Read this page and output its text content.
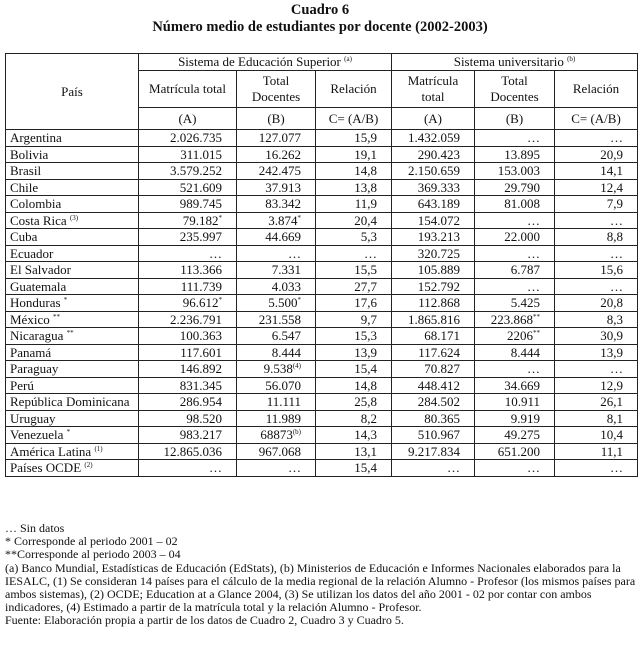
Cuadro 6
Número medio de estudiantes por docente (2002-2003)
País	Sistema de Educación Superior $^{(a)}$			Sistema universitario $^{(b)}$
	Matrícula total	Total Docentes	Relación	Matrícula total	Total Docentes	Relación
	(A)	(B)	C= (A/B)	(A)	(B)	C= (A/B)
Argentina	2.026.735	127.077	15,9	1.432.059	…	…
Bolivia	311.015	16.262	19,1	290.423	13.895	20,9
Brasil	3.579.252	242.475	14,8	2.150.659	153.003	14,1
Chile	521.609	37.913	13,8	369.333	29.790	12,4
Colombia	989.745	83.342	11,9	643.189	81.008	7,9
Costa Rica $^{(3)}$	79.182*	3.874*	20,4	154.072	…	…
Cuba	235.997	44.669	5,3	193.213	22.000	8,8
Ecuador	…	…	…	320.725	…	…
El Salvador	113.366	7.331	15,5	105.889	6.787	15,6
Guatemala	111.739	4.033	27,7	152.792	…	…
Honduras *	96.612*	5.500*	17,6	112.868	5.425	20,8
México **	2.236.791	231.558	9,7	1.865.816	223.868**	8,3
Nicaragua **	100.363	6.547	15,3	68.171	2206**	30,9
Panamá	117.601	8.444	13,9	117.624	8.444	13,9
Paraguay	146.892	9.538$^{(4)}$	15,4	70.827	…	…
Perú	831.345	56.070	14,8	448.412	34.669	12,9
República Dominicana	286.954	11.111	25,8	284.502	10.911	26,1
Uruguay	98.520	11.989	8,2	80.365	9.919	8,1
Venezuela *	983.217	68873$^{(b)}$	14,3	510.967	49.275	10,4
América Latina $^{(1)}$	12.865.036	967.068	13,1	9.217.834	651.200	11,1
Países OCDE $^{(2)}$	…	…	15,4	…	…	…
… Sin datos
* Corresponde al periodo 2001 – 02
**Corresponde al periodo 2003 – 04
(a) Banco Mundial, Estadísticas de Educación (EdStats), (b) Ministerios de Educación e Informes Nacionales elaborados para la IESALC, (1) Se consideran 14 países para el cálculo de la media regional de la relación Alumno - Profesor (los mismos países para ambos sistemas), (2) OCDE; Education at a Glance 2004, (3) Se utilizan los datos del año 2001 - 02 por contar con ambos indicadores, (4) Estimado a partir de la matrícula total y la relación Alumno - Profesor.
Fuente: Elaboración propia a partir de los datos de Cuadro 2, Cuadro 3 y Cuadro 5.
